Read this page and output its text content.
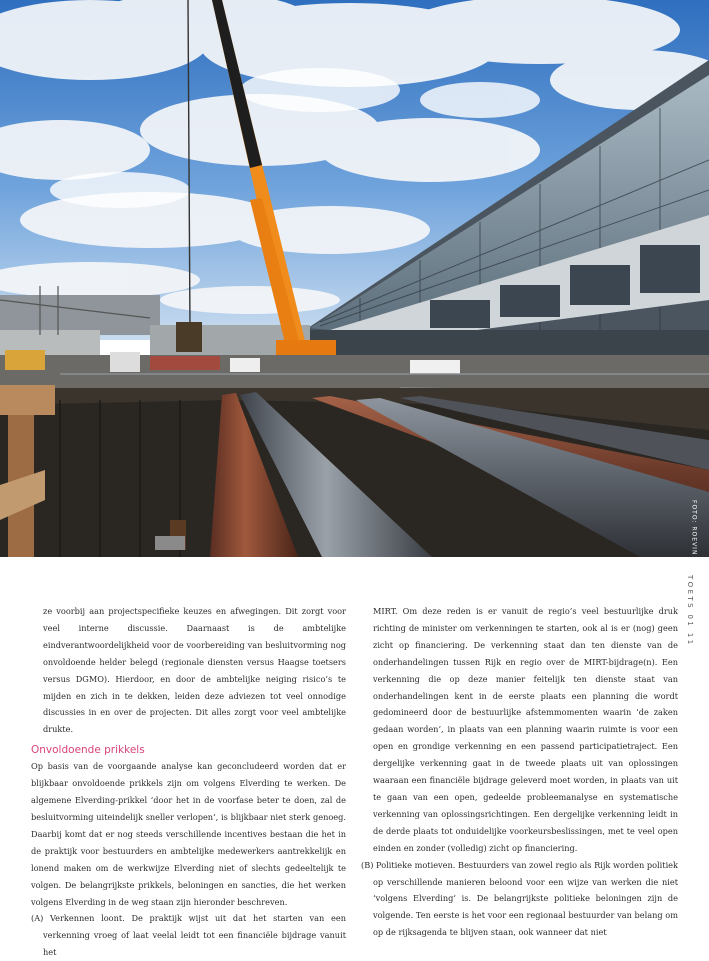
FOTO: ROEVIN
TOETS 01 11

ze voorbij aan projectspecifieke keuzes en afwegingen. Dit zorgt voor veel interne discussie. Daarnaast is de ambtelijke eindverantwoordelijkheid voor de voorbereiding van besluitvorming nog onvoldoende helder belegd (regionale diensten versus Haagse toetsers versus DGMO). Hierdoor, en door de ambtelijke neiging risico’s te mijden en zich in te dekken, leiden deze adviezen tot veel onnodige discussies in en over de projecten. Dit alles zorgt voor veel ambtelijke drukte.

Onvoldoende prikkels

Op basis van de voorgaande analyse kan geconcludeerd worden dat er blijkbaar onvoldoende prikkels zijn om volgens Elverding te werken. De algemene Elverding-prikkel ‘door het in de voorfase beter te doen, zal de besluitvorming uiteindelijk sneller verlopen’, is blijkbaar niet sterk genoeg. Daarbij komt dat er nog steeds verschillende incentives bestaan die het in de praktijk voor bestuurders en ambtelijke medewerkers aantrekkelijk en lonend maken om de werkwijze Elverding niet of slechts gedeeltelijk te volgen. De belangrijkste prikkels, beloningen en sancties, die het werken volgens Elverding in de weg staan zijn hieronder beschreven.

(A) Verkennen loont. De praktijk wijst uit dat het starten van een verkenning vroeg of laat veelal leidt tot een financiële bijdrage vanuit het

MIRT. Om deze reden is er vanuit de regio’s veel bestuurlijke druk richting de minister om verkenningen te starten, ook al is er (nog) geen zicht op financiering. De verkenning staat dan ten dienste van de onderhandelingen tussen Rijk en regio over de MIRT-bijdrage(n). Een verkenning die op deze manier feitelijk ten dienste staat van onderhandelingen kent in de eerste plaats een planning die wordt gedomineerd door de bestuurlijke afstemmomenten waarin ‘de zaken gedaan worden’, in plaats van een planning waarin ruimte is voor een open en grondige verkenning en een passend participatietraject. Een dergelijke verkenning gaat in de tweede plaats uit van oplossingen waaraan een financiële bijdrage geleverd moet worden, in plaats van uit te gaan van een open, gedeelde probleemanalyse en systematische verkenning van oplossingsrichtingen. Een dergelijke verkenning leidt in de derde plaats tot onduidelijke voorkeursbeslissingen, met te veel open einden en zonder (volledig) zicht op financiering.

(B) Politieke motieven. Bestuurders van zowel regio als Rijk worden politiek op verschillende manieren beloond voor een wijze van werken die niet ‘volgens Elverding’ is. De belangrijkste politieke beloningen zijn de volgende. Ten eerste is het voor een regionaal bestuurder van belang om op de rijksagenda te blijven staan, ook wanneer dat niet
